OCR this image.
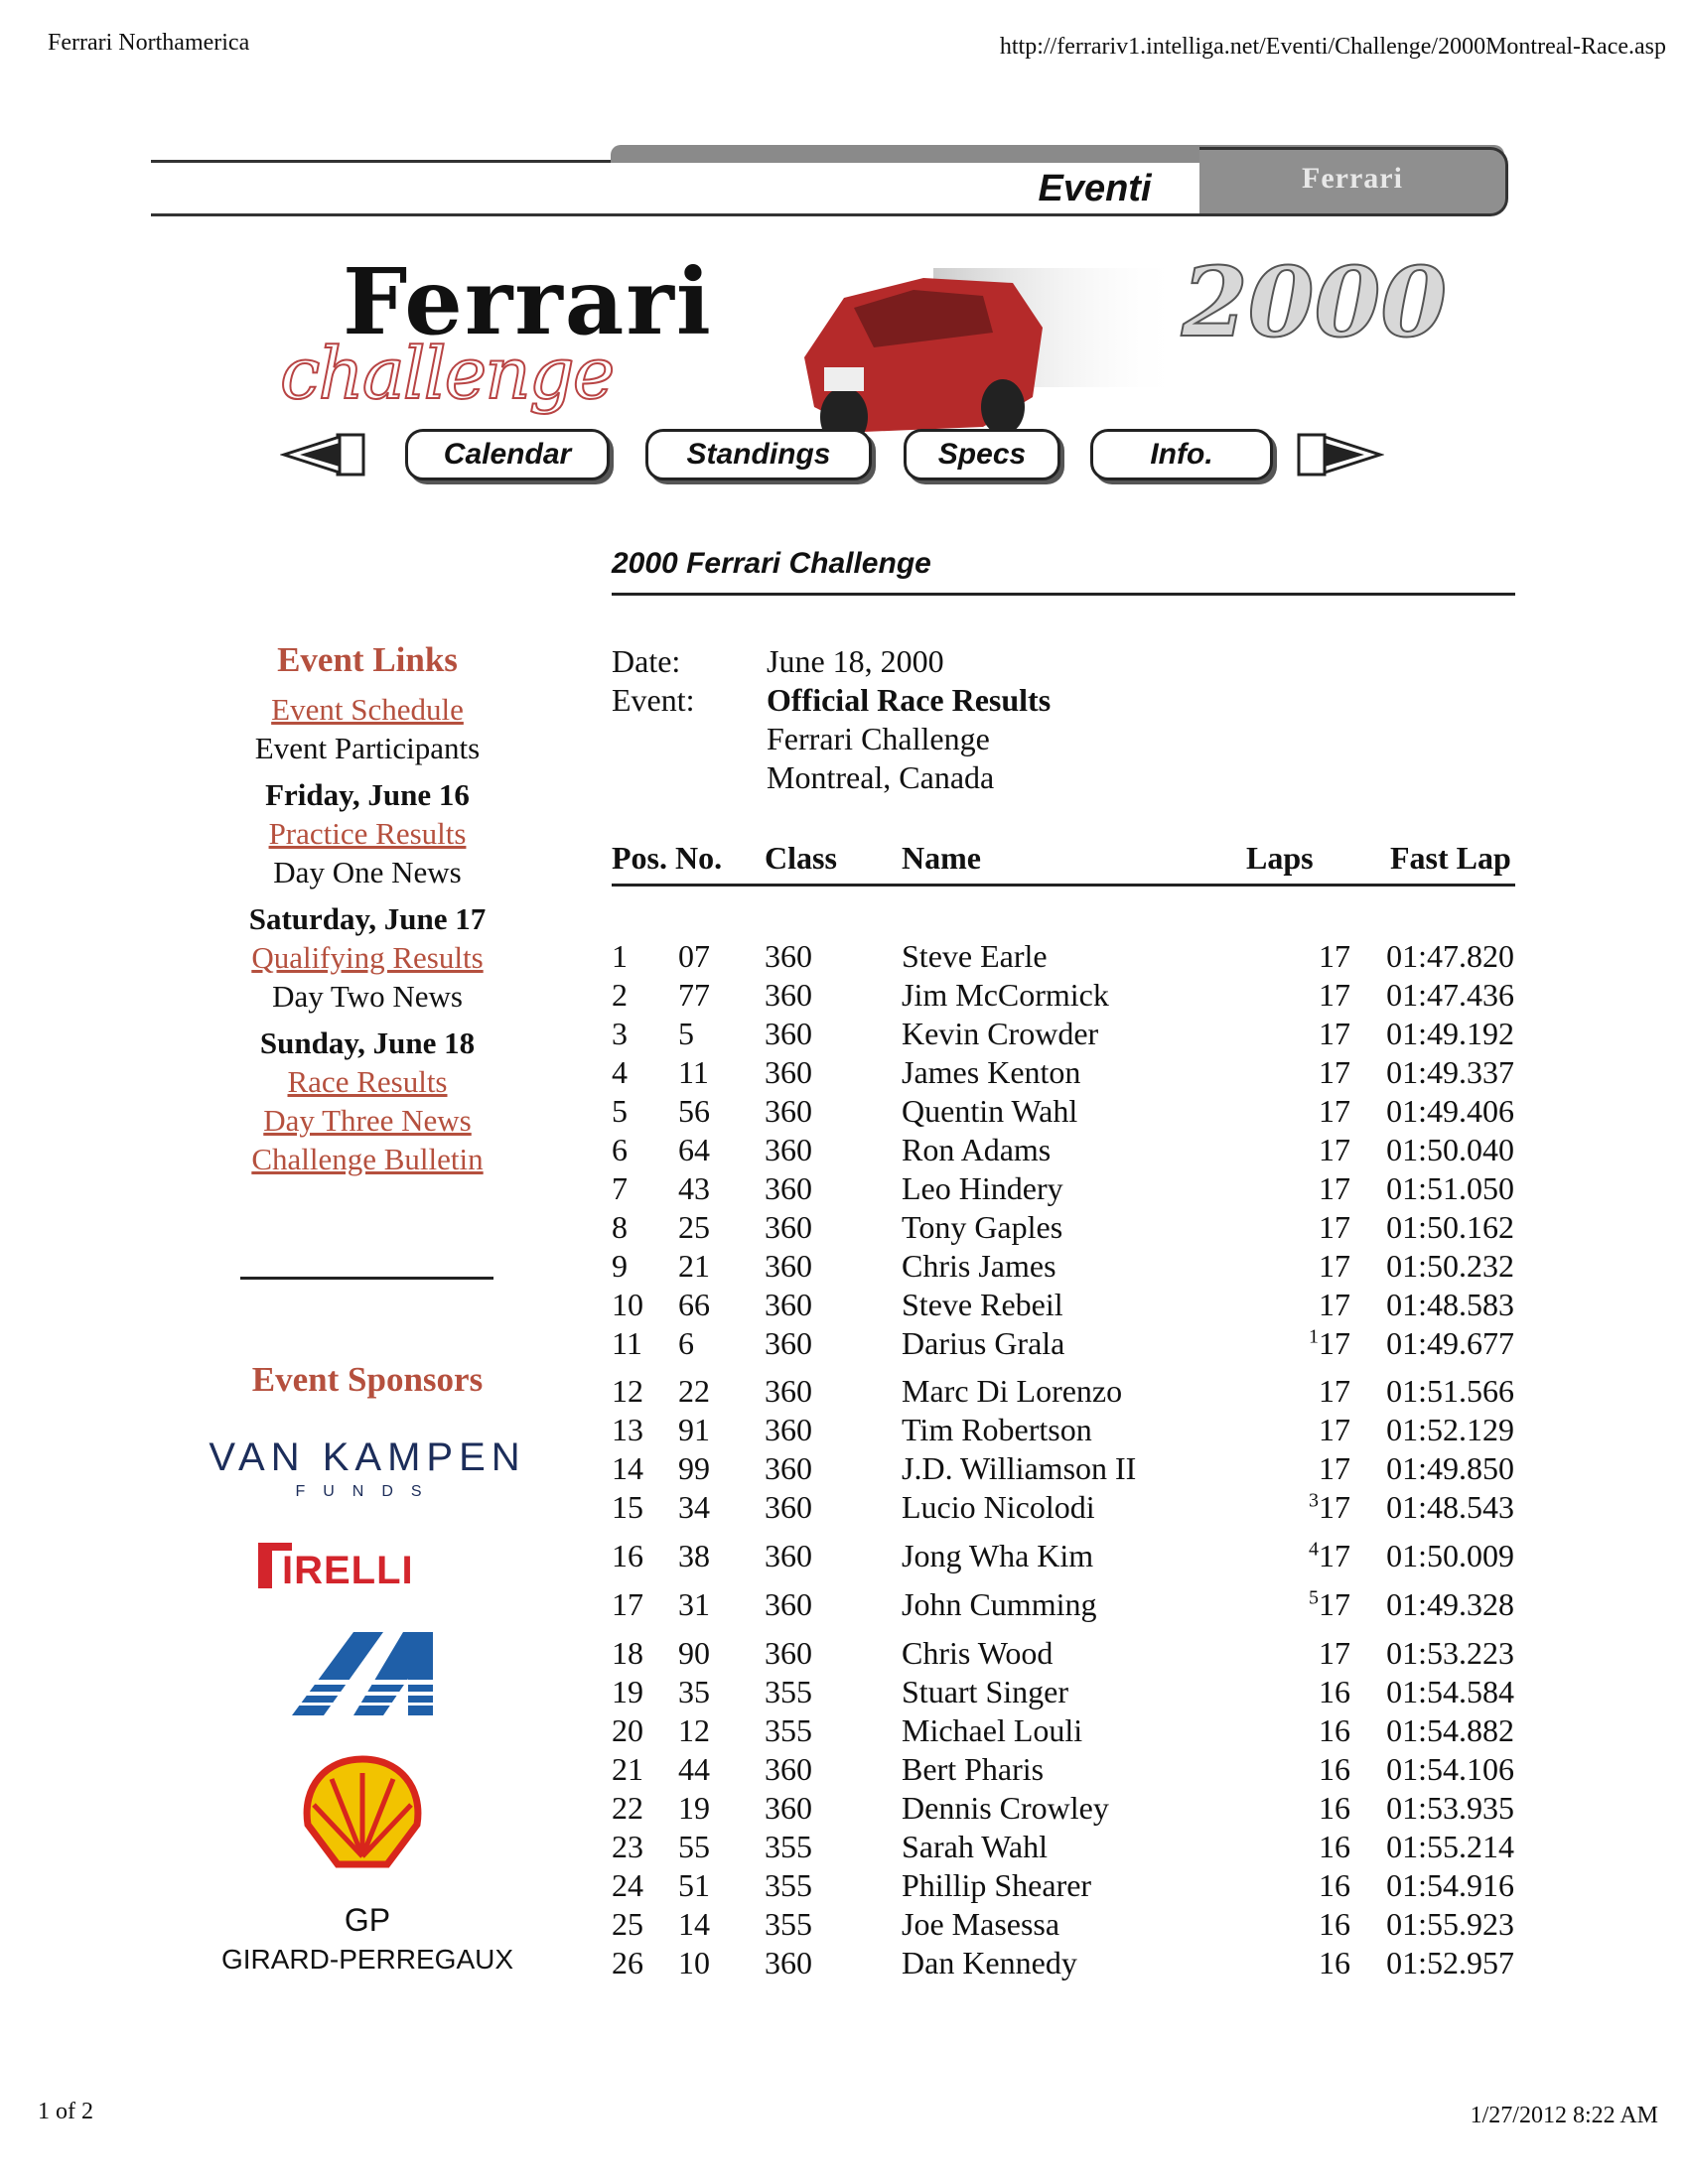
Ferrari Northamerica	http://ferrariv1.intelliga.net/Eventi/Challenge/2000Montreal-Race.asp
Eventi	Ferrari
Ferrari
challenge
2000
Calendar	Standings	Specs	Info.
2000 Ferrari Challenge
Event Links
Event Schedule
Event Participants
Friday, June 16
Practice Results
Day One News
Saturday, June 17
Qualifying Results
Day Two News
Sunday, June 18
Race Results
Day Three News
Challenge Bulletin
Event Sponsors
VAN KAMPEN
FUNDS
IRELLI
GP
GIRARD-PERREGAUX
Date:	June 18, 2000
Event: Official Race Results
Ferrari Challenge
Montreal, Canada
Pos. No. Class Name	Laps Fast Lap
1 07 360	Steve Earle	17	01:47.820
2 77 360	Jim McCormick	17	01:47.436
3 5 360	Kevin Crowder	17	01:49.192
4 11 360	James Kenton	17	01:49.337
5 56 360	Quentin Wahl	17	01:49.406
6 64 360	Ron Adams	17	01:50.040
7 43 360	Leo Hindery	17	01:51.050
8 25 360	Tony Gaples	17	01:50.162
9 21 360	Chris James	17	01:50.232
10 66 360	Steve Rebeil	17	01:48.583
11 6 360	Darius Grala	$^1$17	01:49.677
12 22 360	Marc Di Lorenzo	17	01:51.566
13 91 360	Tim Robertson	17	01:52.129
14 99 360	J.D. Williamson II	17	01:49.850
15 34 360	Lucio Nicolodi	$^3$17	01:48.543
16 38 360	Jong Wha Kim	$^4$17	01:50.009
17 31 360	John Cumming	$^5$17	01:49.328
18 90 360	Chris Wood	17	01:53.223
19 35 355	Stuart Singer	16	01:54.584
20 12 355	Michael Louli	16	01:54.882
21 44 360	Bert Pharis	16	01:54.106
22 19 360	Dennis Crowley	16	01:53.935
23 55 355	Sarah Wahl	16	01:55.214
24 51 355	Phillip Shearer	16	01:54.916
25 14 355	Joe Masessa	16	01:55.923
26 10 360	Dan Kennedy	16	01:52.957
1 of 2	1/27/2012 8:22 AM
